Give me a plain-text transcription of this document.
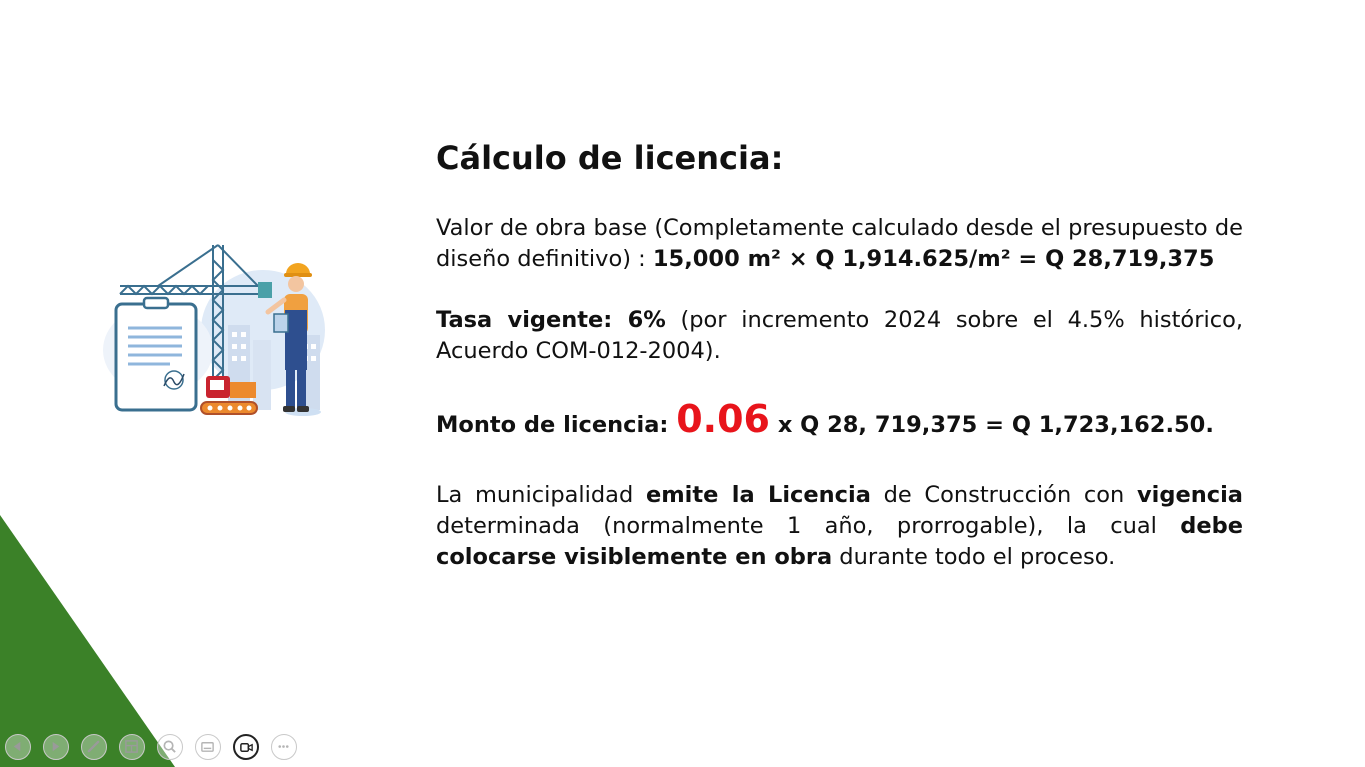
Cálculo de licencia:

Valor de obra base (Completamente calculado desde el presupuesto de diseño definitivo) : 15,000 m² × Q 1,914.625/m² = Q 28,719,375

Tasa vigente: 6% (por incremento 2024 sobre el 4.5% histórico, Acuerdo COM-012-2004).

Monto de licencia: 0.06 x Q 28, 719,375 = Q 1,723,162.50.

La municipalidad emite la Licencia de Construcción con vigencia determinada (normalmente 1 año, prorrogable), la cual debe colocarse visiblemente en obra durante todo el proceso.
